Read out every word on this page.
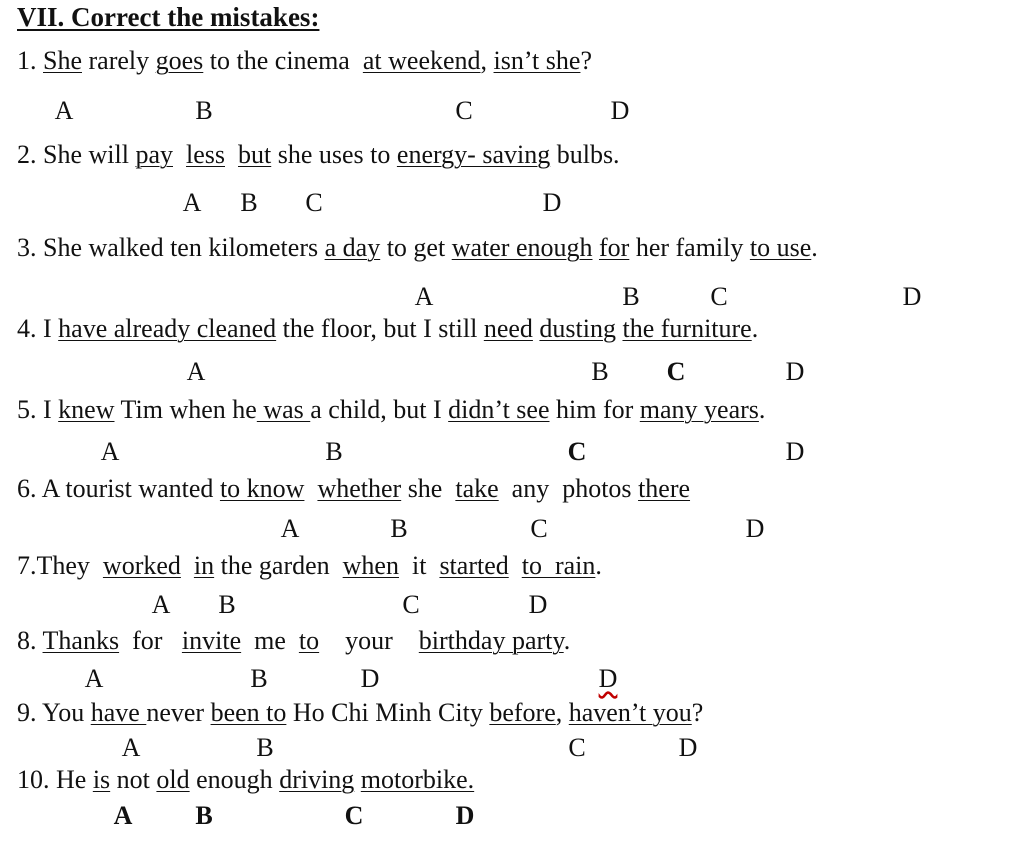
VII. Correct the mistakes:
1. She rarely goes to the cinema  at weekend, isn’t she?
A	B	C	D
2. She will pay less but she uses to energy- saving bulbs.
A B C	D
3. She walked ten kilometers a day to get water enough for her family to use.
A	B	C	D
4. I have already cleaned the floor, but I still need dusting the furniture.
A	B C	D
5. I knew Tim when he was a child, but I didn’t see him for many years.
A	B	C	D
6. A tourist wanted to know whether she  take  any  photos there
A	B	C	D
7.They  worked in the garden  when  it  started to  rain.
A B	C	D
8. Thanks  for   invite  me  to    your    birthday party.
A	B	D	D
9. You have never been to Ho Chi Minh City before, haven’t you?
A	B	C	D
10. He is not old enough driving motorbike.
A B	C	D
